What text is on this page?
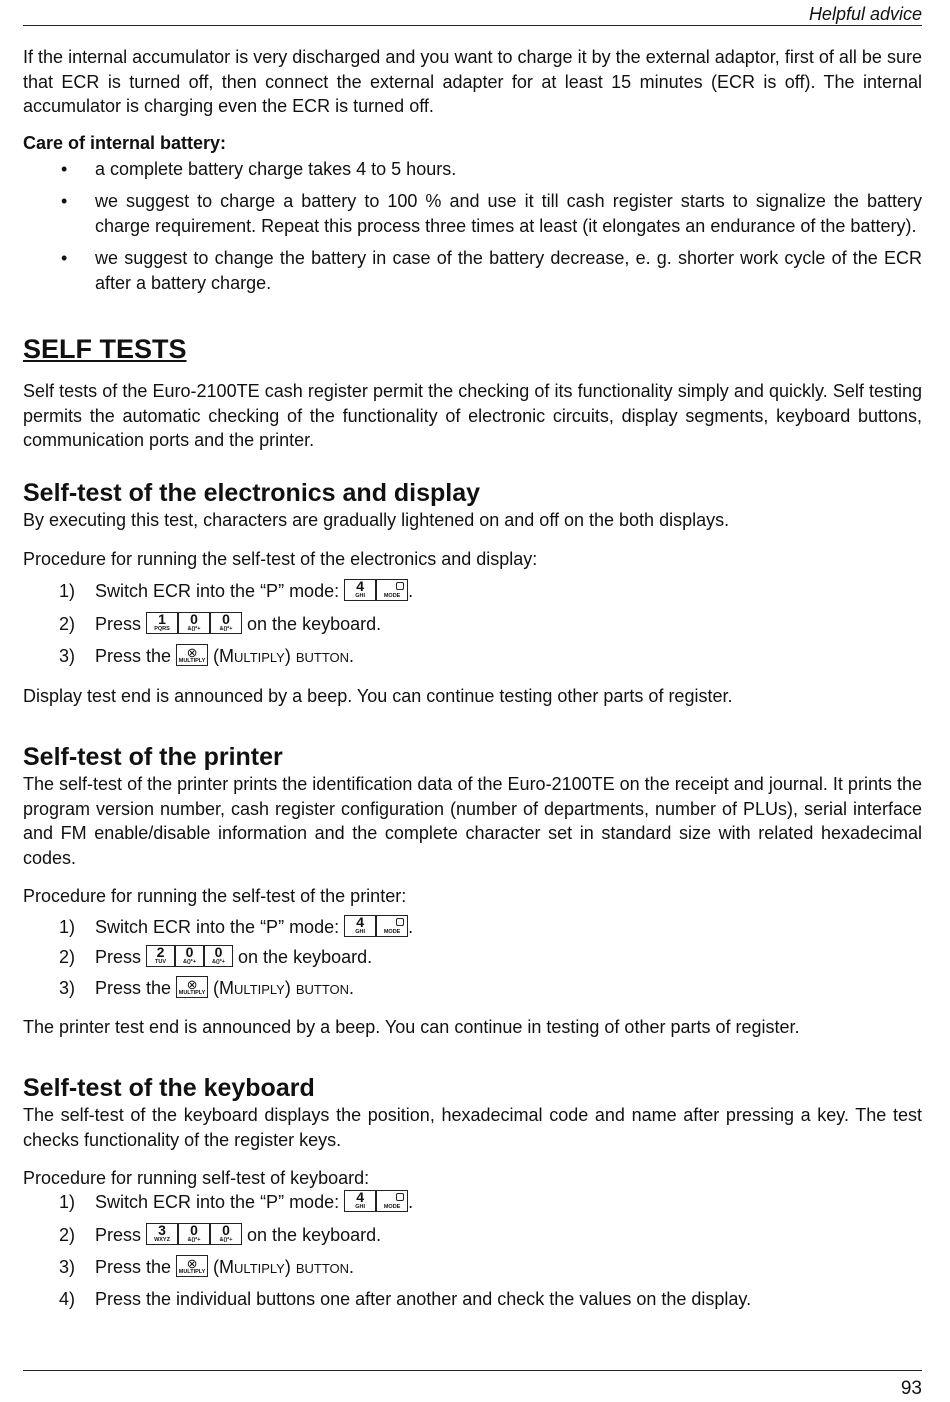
Helpful advice

If the internal accumulator is very discharged and you want to charge it by the external adaptor, first of all be sure that ECR is turned off, then connect the external adapter for at least 15 minutes (ECR is off). The internal accumulator is charging even the ECR is turned off.

Care of internal battery:
• a complete battery charge takes 4 to 5 hours.
• we suggest to charge a battery to 100 % and use it till cash register starts to signalize the battery charge requirement. Repeat this process three times at least (it elongates an endurance of the battery).
• we suggest to change the battery in case of the battery decrease, e. g. shorter work cycle of the ECR after a battery charge.
SELF TESTS

Self tests of the Euro-2100TE cash register permit the checking of its functionality simply and quickly. Self testing permits the automatic checking of the functionality of electronic circuits, display segments, keyboard buttons, communication ports and the printer.

Self-test of the electronics and display

By executing this test, characters are gradually lightened on and off on the both displays.

Procedure for running the self-test of the electronics and display:

1) Switch ECR into the “P” mode: 4
GHI	MODE .
2) Press 1
PQRS
0
&()*+
0
&()*+ on the keyboard.
3) Press the ⊗
MULTIPLY (Multiply) button.

Display test end is announced by a beep. You can continue testing other parts of register.

Self-test of the printer

The self-test of the printer prints the identification data of the Euro-2100TE on the receipt and journal. It prints the program version number, cash register configuration (number of departments, number of PLUs), serial interface and FM enable/disable information and the complete character set in standard size with related hexadecimal codes.

Procedure for running the self-test of the printer:

1) Switch ECR into the “P” mode: 4
GHI	MODE .
2) Press 2
TUV
0
&()*+
0
&()*+ on the keyboard.
3) Press the ⊗
MULTIPLY (Multiply) button.

The printer test end is announced by a beep. You can continue in testing of other parts of register.

Self-test of the keyboard

The self-test of the keyboard displays the position, hexadecimal code and name after pressing a key. The test checks functionality of the register keys.

Procedure for running self-test of keyboard:

1) Switch ECR into the “P” mode: 4
GHI	MODE .
2) Press 3
WXYZ
0
&()*+
0
&()*+ on the keyboard.
3) Press the ⊗
MULTIPLY (Multiply) button.
4) Press the individual buttons one after another and check the values on the display.
93
